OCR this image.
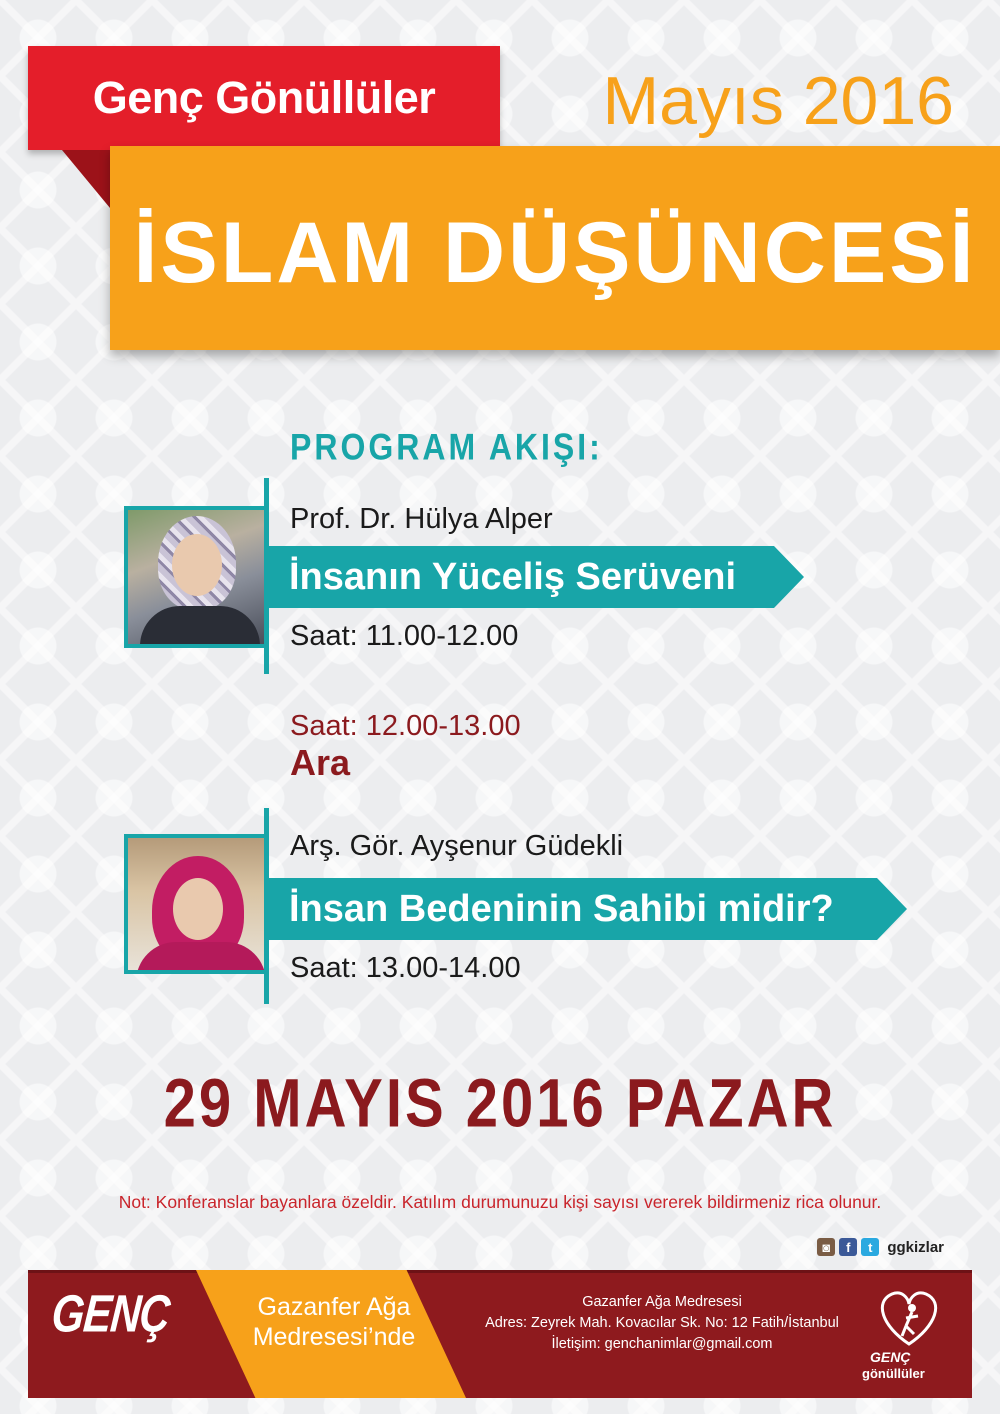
Genç Gönüllüler	Mayıs 2016
İSLAM DÜŞÜNCESİ
PROGRAM AKIŞI:
Prof. Dr. Hülya Alper
İnsanın Yüceliş Serüveni
Saat: 11.00-12.00
Saat: 12.00-13.00
Ara
Arş. Gör. Ayşenur Güdekli
İnsan Bedeninin Sahibi midir?
Saat: 13.00-14.00
29 MAYIS 2016 PAZAR
Not: Konferanslar bayanlara özeldir. Katılım durumunuzu kişi sayısı vererek bildirmeniz rica olunur.
◙	f	t ggkizlar
GENÇ	Gazanfer Ağa
Medresesi’nde
Gazanfer Ağa Medresesi
Adres: Zeyrek Mah. Kovacılar Sk. No: 12 Fatih/İstanbul
İletişim: genchanimlar@gmail.com
GENÇ
gönüllüler
